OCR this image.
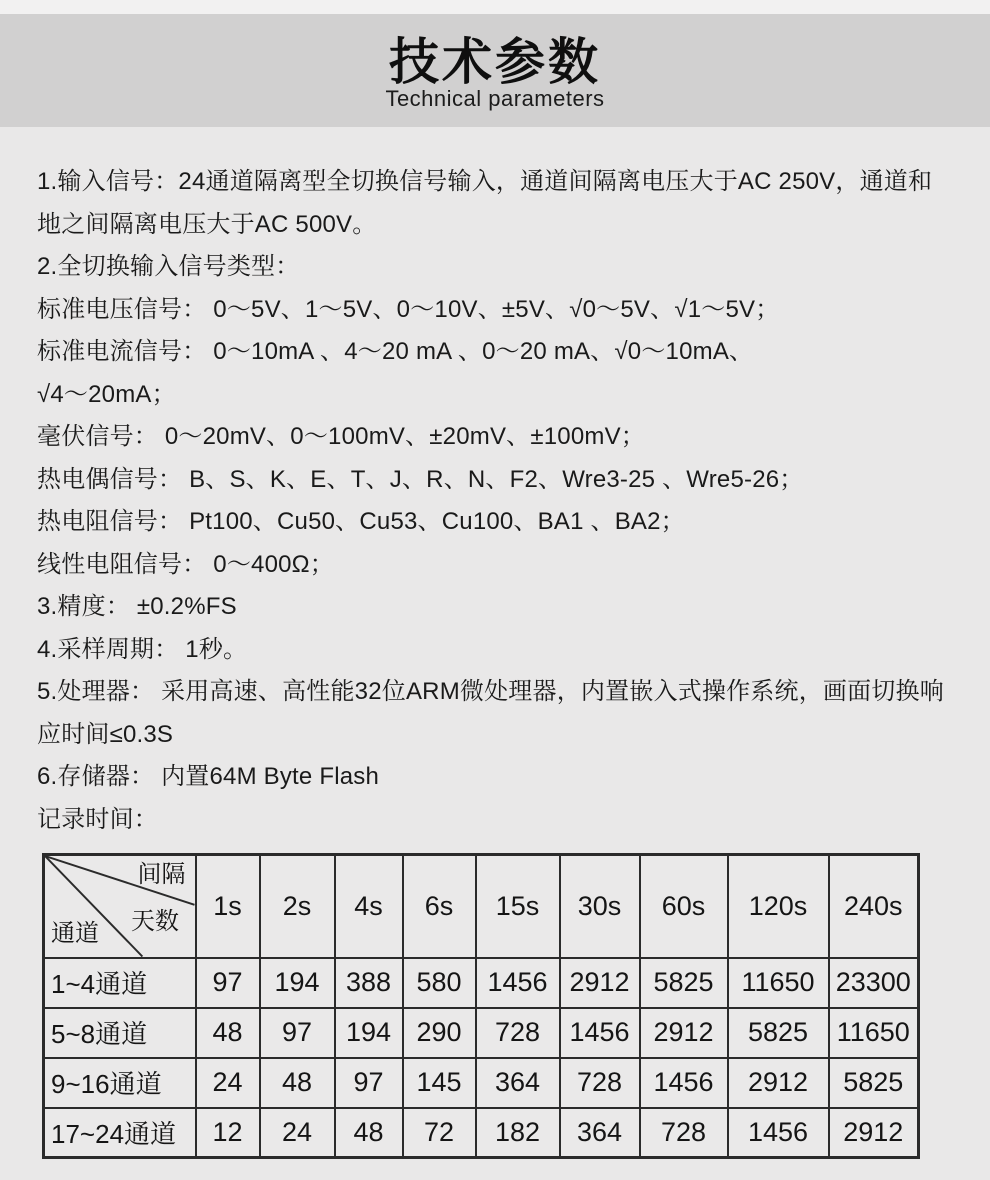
技术参数
Technical parameters
1.输入信号：24通道隔离型全切换信号输入，通道间隔离电压大于AC 250V，通道和
地之间隔离电压大于AC 500V。
2.全切换输入信号类型：
标准电压信号： 0～5V、1～5V、0～10V、±5V、√0～5V、√1～5V；
标准电流信号： 0～10mA 、4～20 mA 、0～20 mA、√0～10mA、
√4～20mA；
毫伏信号： 0～20mV、0～100mV、±20mV、±100mV；
热电偶信号： B、S、K、E、T、J、R、N、F2、Wre3-25 、Wre5-26；
热电阻信号： Pt100、Cu50、Cu53、Cu100、BA1 、BA2；
线性电阻信号： 0～400Ω；
3.精度： ±0.2%FS
4.采样周期： 1秒。
5.处理器： 采用高速、高性能32位ARM微处理器，内置嵌入式操作系统，画面切换响
应时间≤0.3S
6.存储器： 内置64M Byte Flash
记录时间：
间隔
天数
通道	1s	2s	4s	6s	15s	30s	60s	120s	240s
1~4通道	97	194	388	580	1456	2912	5825	11650	23300
5~8通道	48	97	194	290	728	1456	2912	5825	11650
9~16通道	24	48	97	145	364	728	1456	2912	5825
17~24通道	12	24	48	72	182	364	728	1456	2912
